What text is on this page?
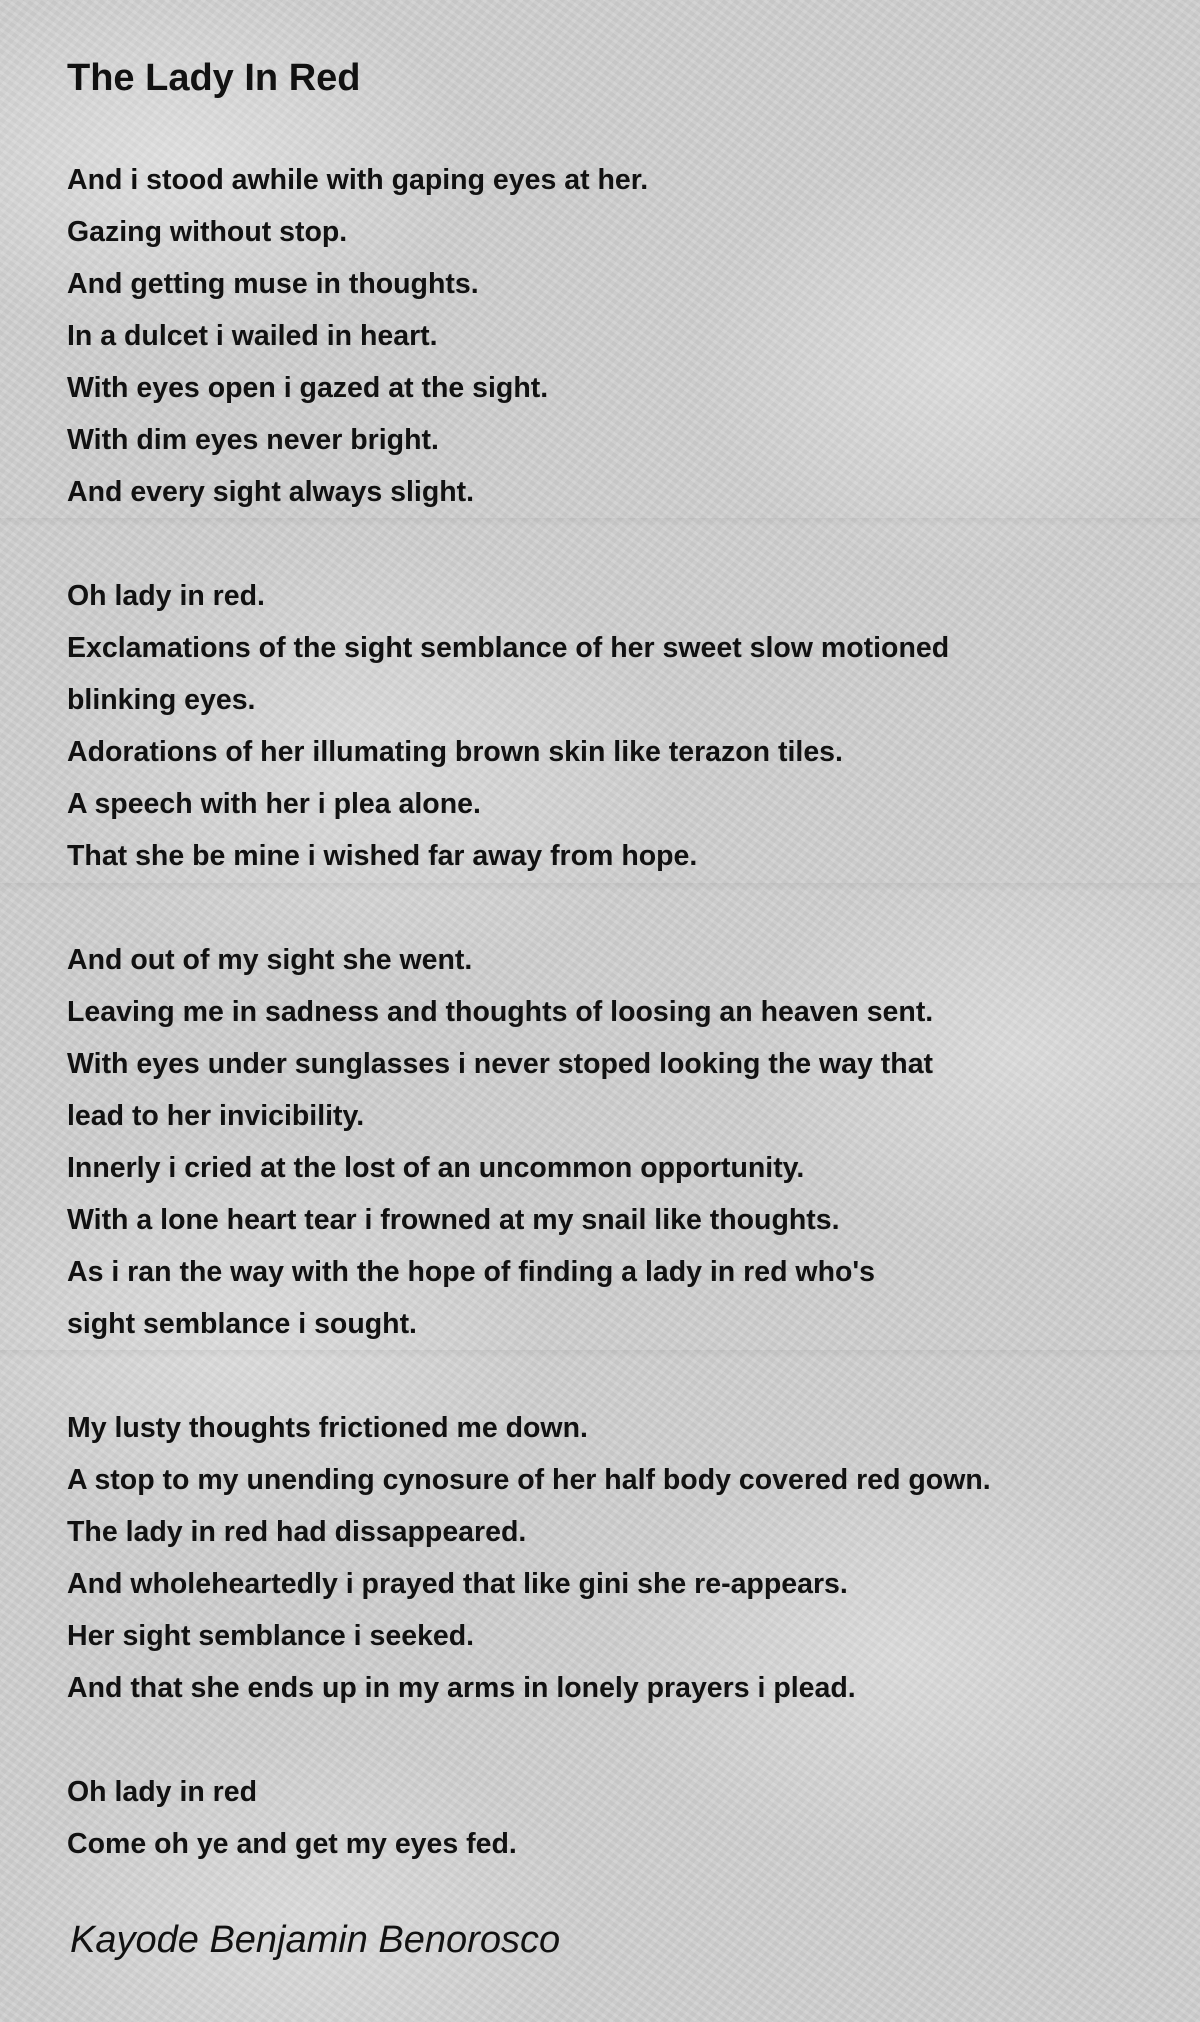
The Lady In Red
And i stood awhile with gaping eyes at her.
Gazing without stop.
And getting muse in thoughts.
In a dulcet i wailed in heart.
With eyes open i gazed at the sight.
With dim eyes never bright.
And every sight always slight.
Oh lady in red.
Exclamations of the sight semblance of her sweet slow motioned
blinking eyes.
Adorations of her illumating brown skin like terazon tiles.
A speech with her i plea alone.
That she be mine i wished far away from hope.
And out of my sight she went.
Leaving me in sadness and thoughts of loosing an heaven sent.
With eyes under sunglasses i never stoped looking the way that
lead to her invicibility.
Innerly i cried at the lost of an uncommon opportunity.
With a lone heart tear i frowned at my snail like thoughts.
As i ran the way with the hope of finding a lady in red who's
sight semblance i sought.
My lusty thoughts frictioned me down.
A stop to my unending cynosure of her half body covered red gown.
The lady in red had dissappeared.
And wholeheartedly i prayed that like gini she re-appears.
Her sight semblance i seeked.
And that she ends up in my arms in lonely prayers i plead.
Oh lady in red
Come oh ye and get my eyes fed.
Kayode Benjamin Benorosco
